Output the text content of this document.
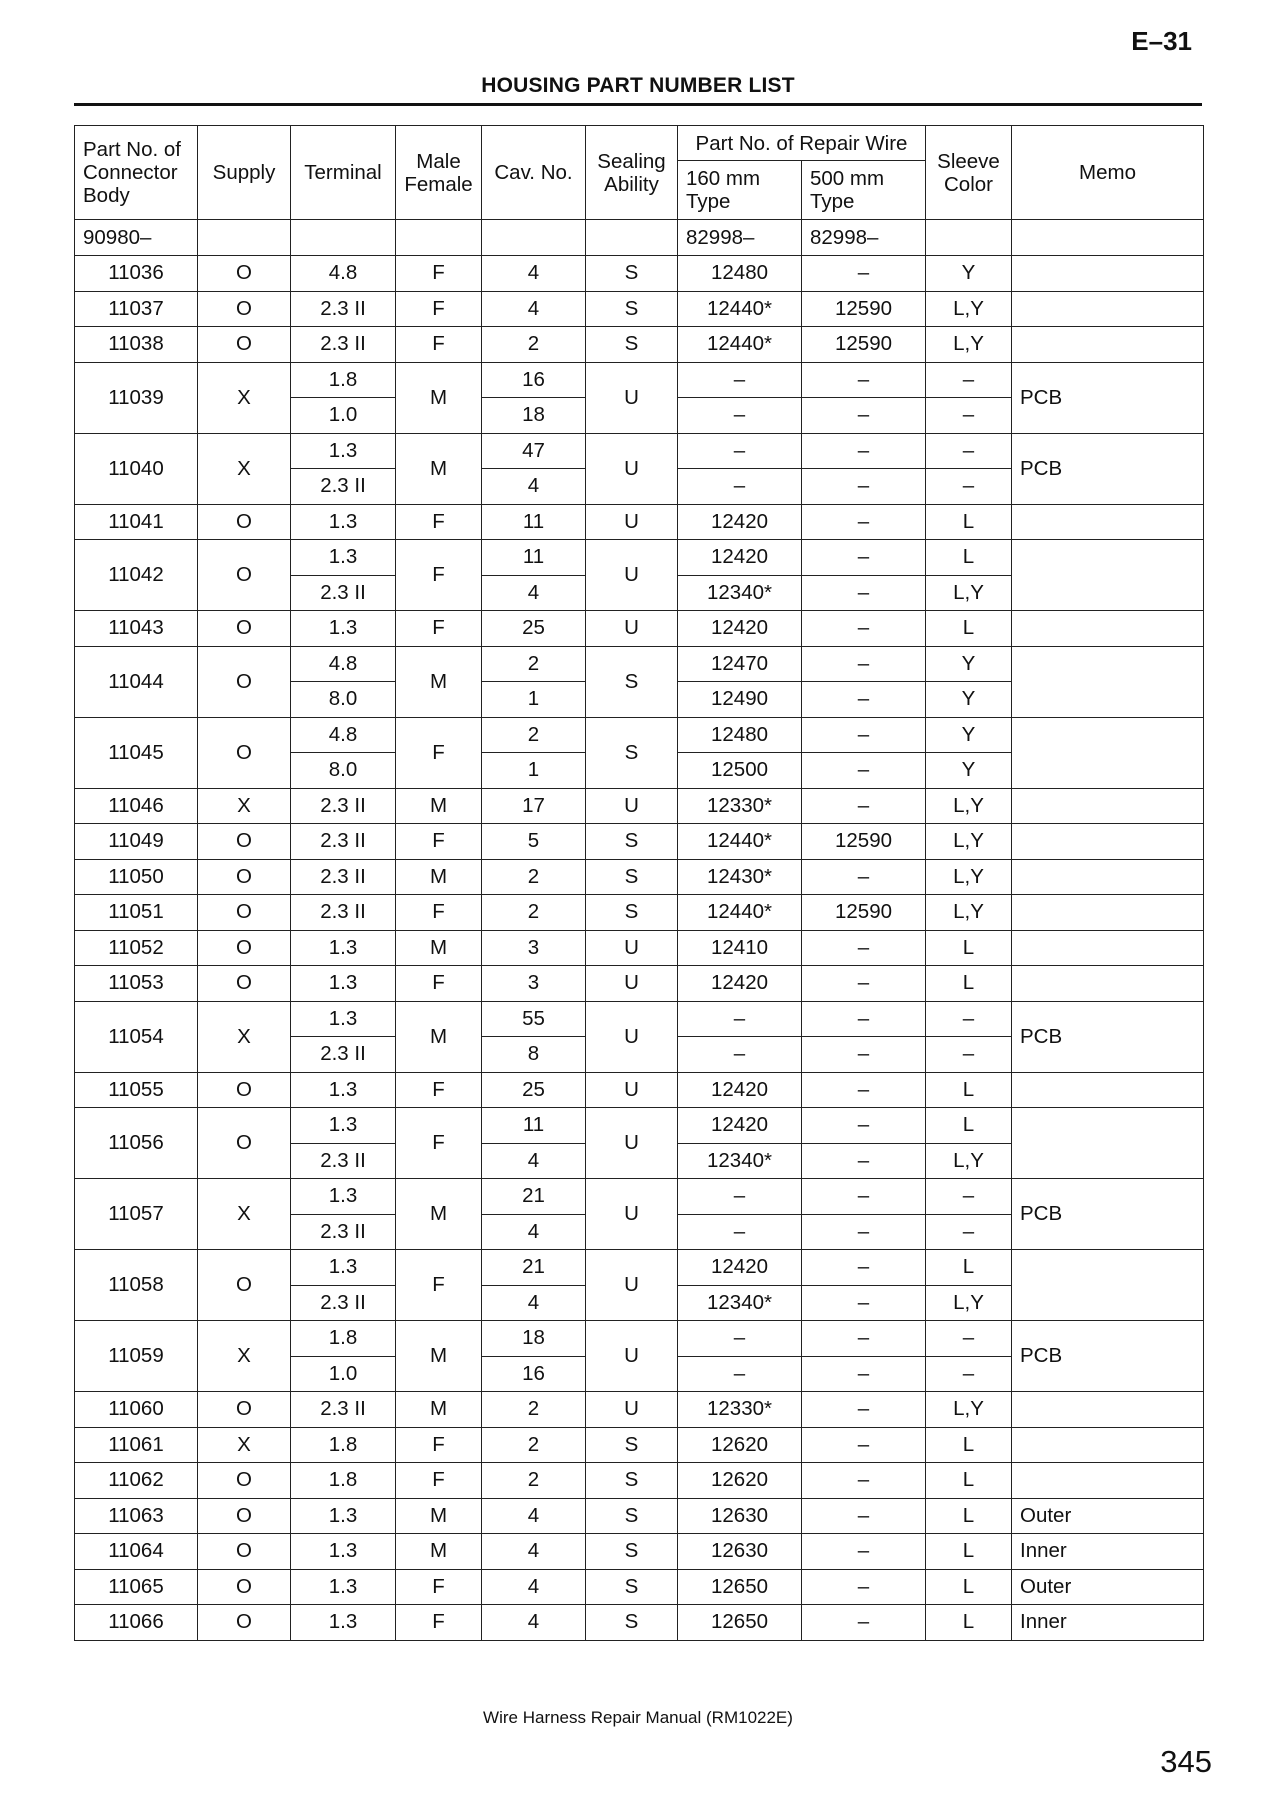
E–31
HOUSING PART NUMBER LIST
Part No. of Connector Body	Supply	Terminal	Male Female	Cav. No.	Sealing Ability	Part No. of Repair Wire		Sleeve Color	Memo
						160 mm Type	500 mm Type		
90980–						82998–	82998–		
11036	O	4.8	F	4	S	12480	–	Y	
11037	O	2.3 II	F	4	S	12440*	12590	L,Y	
11038	O	2.3 II	F	2	S	12440*	12590	L,Y	
11039	X	1.8	M	16	U	–	–	–	PCB
		1.0		18		–	–	–	
11040	X	1.3	M	47	U	–	–	–	PCB
		2.3 II		4		–	–	–	
11041	O	1.3	F	11	U	12420	–	L	
11042	O	1.3	F	11	U	12420	–	L	
		2.3 II		4		12340*	–	L,Y	
11043	O	1.3	F	25	U	12420	–	L	
11044	O	4.8	M	2	S	12470	–	Y	
		8.0		1		12490	–	Y	
11045	O	4.8	F	2	S	12480	–	Y	
		8.0		1		12500	–	Y	
11046	X	2.3 II	M	17	U	12330*	–	L,Y	
11049	O	2.3 II	F	5	S	12440*	12590	L,Y	
11050	O	2.3 II	M	2	S	12430*	–	L,Y	
11051	O	2.3 II	F	2	S	12440*	12590	L,Y	
11052	O	1.3	M	3	U	12410	–	L	
11053	O	1.3	F	3	U	12420	–	L	
11054	X	1.3	M	55	U	–	–	–	PCB
		2.3 II		8		–	–	–	
11055	O	1.3	F	25	U	12420	–	L	
11056	O	1.3	F	11	U	12420	–	L	
		2.3 II		4		12340*	–	L,Y	
11057	X	1.3	M	21	U	–	–	–	PCB
		2.3 II		4		–	–	–	
11058	O	1.3	F	21	U	12420	–	L	
		2.3 II		4		12340*	–	L,Y	
11059	X	1.8	M	18	U	–	–	–	PCB
		1.0		16		–	–	–	
11060	O	2.3 II	M	2	U	12330*	–	L,Y	
11061	X	1.8	F	2	S	12620	–	L	
11062	O	1.8	F	2	S	12620	–	L	
11063	O	1.3	M	4	S	12630	–	L	Outer
11064	O	1.3	M	4	S	12630	–	L	Inner
11065	O	1.3	F	4	S	12650	–	L	Outer
11066	O	1.3	F	4	S	12650	–	L	Inner
Wire Harness Repair Manual (RM1022E)
345
